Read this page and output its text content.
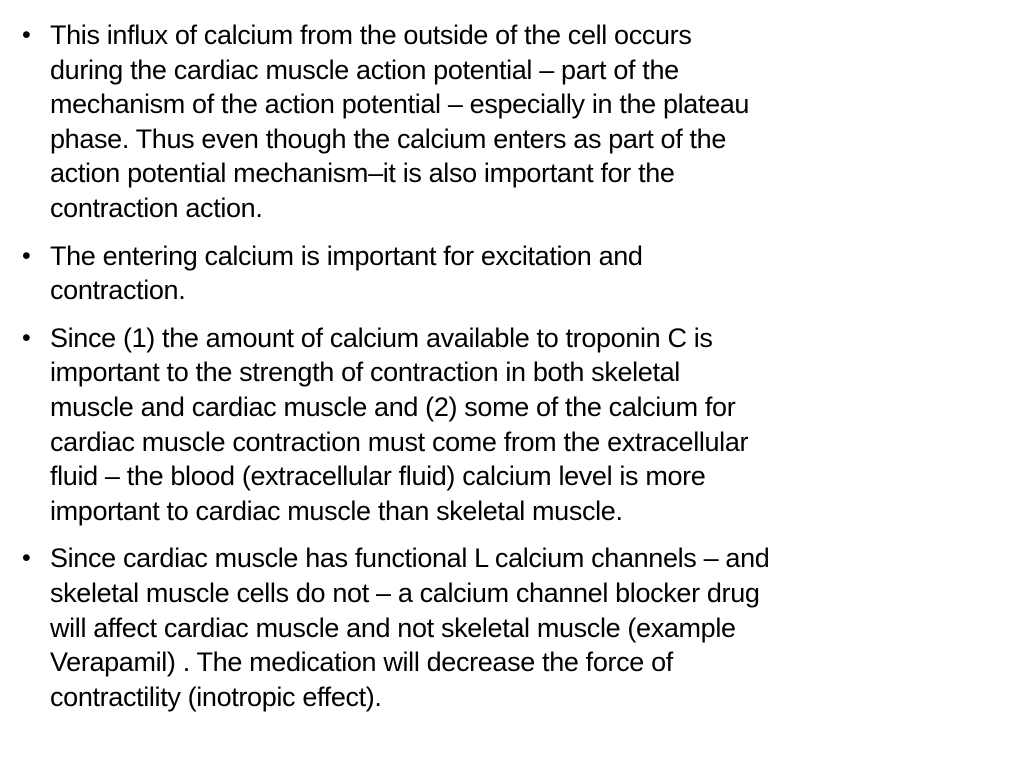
• This influx of calcium from the outside of the cell occurs
during the cardiac muscle action potential – part of the
mechanism of the action potential – especially in the plateau
phase. Thus even though the calcium enters as part of the
action potential mechanism–it is also important for the
contraction action.
• The entering calcium is important for excitation and
contraction.
• Since (1) the amount of calcium available to troponin C is
important to the strength of contraction in both skeletal
muscle and cardiac muscle and (2) some of the calcium for
cardiac muscle contraction must come from the extracellular
fluid – the blood (extracellular fluid) calcium level is more
important to cardiac muscle than skeletal muscle.
• Since cardiac muscle has functional L calcium channels – and
skeletal muscle cells do not – a calcium channel blocker drug
will affect cardiac muscle and not skeletal muscle (example
Verapamil) . The medication will decrease the force of
contractility (inotropic effect).
